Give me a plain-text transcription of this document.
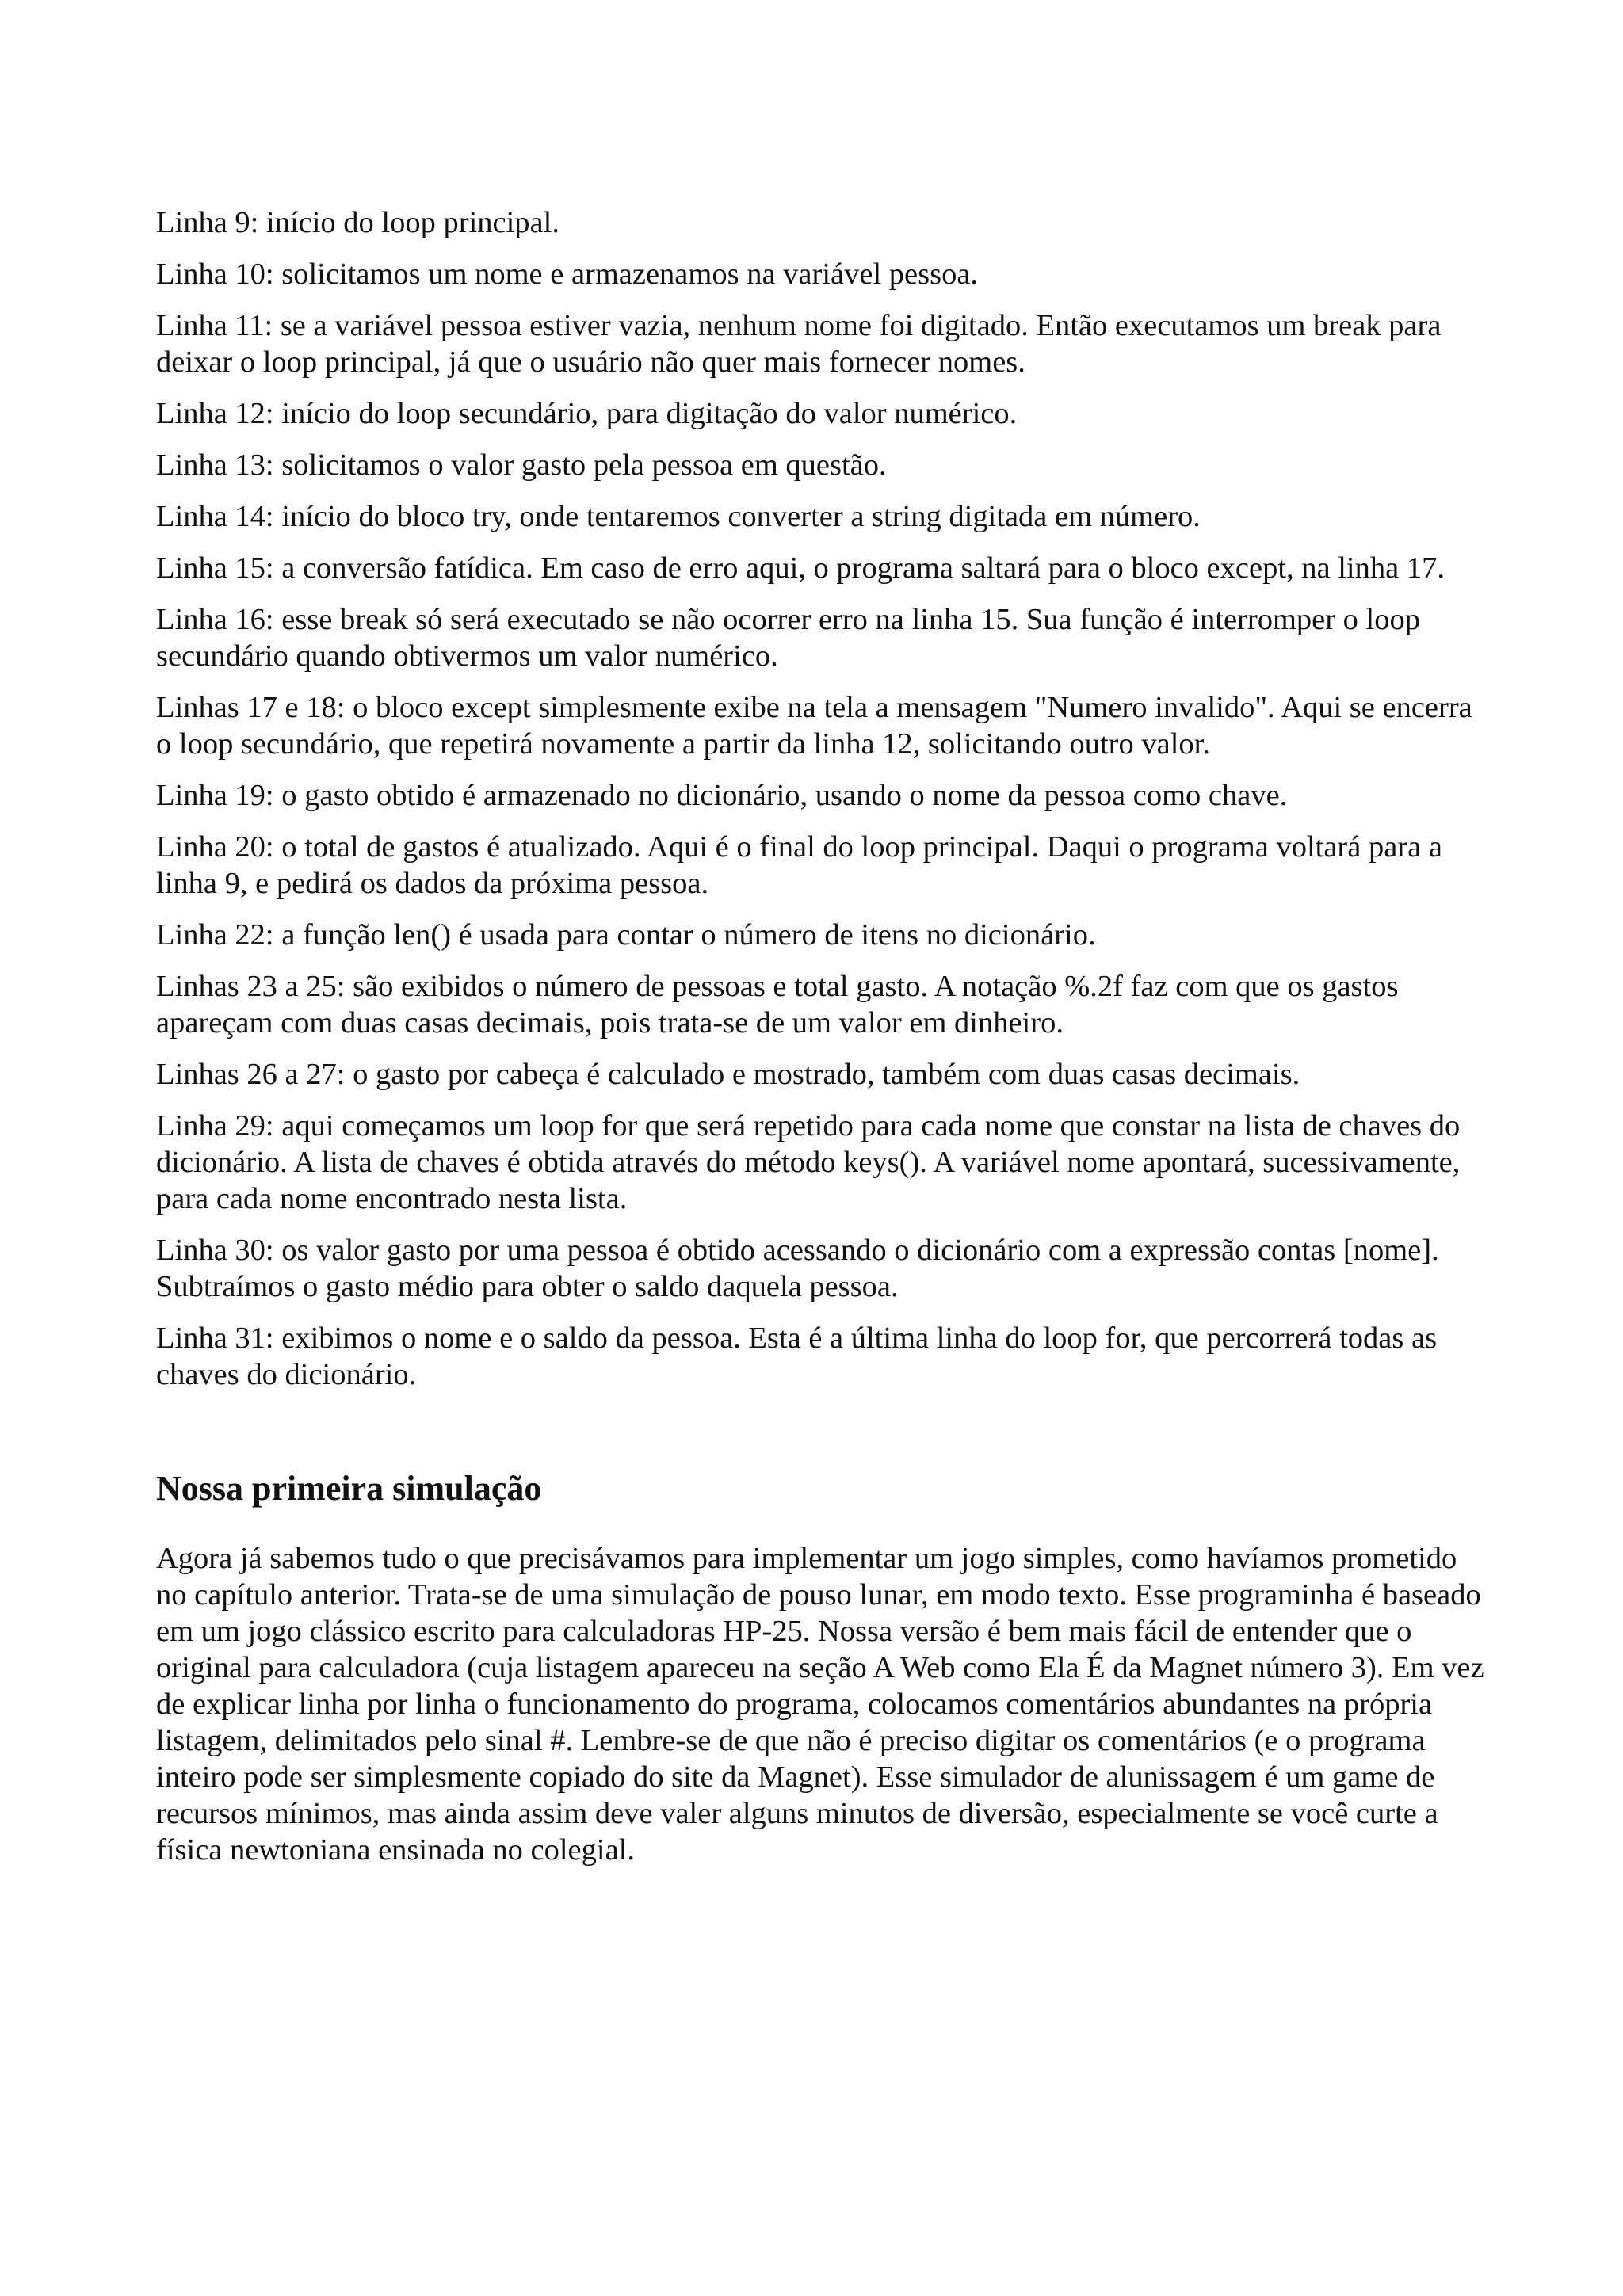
Linha 9: início do loop principal.

Linha 10: solicitamos um nome e armazenamos na variável pessoa.

Linha 11: se a variável pessoa estiver vazia, nenhum nome foi digitado. Então executamos um break para deixar o loop principal, já que o usuário não quer mais fornecer nomes.

Linha 12: início do loop secundário, para digitação do valor numérico.

Linha 13: solicitamos o valor gasto pela pessoa em questão.

Linha 14: início do bloco try, onde tentaremos converter a string digitada em número.

Linha 15: a conversão fatídica. Em caso de erro aqui, o programa saltará para o bloco except, na linha 17.

Linha 16: esse break só será executado se não ocorrer erro na linha 15. Sua função é interromper o loop secundário quando obtivermos um valor numérico.

Linhas 17 e 18: o bloco except simplesmente exibe na tela a mensagem "Numero invalido". Aqui se encerra o loop secundário, que repetirá novamente a partir da linha 12, solicitando outro valor.

Linha 19: o gasto obtido é armazenado no dicionário, usando o nome da pessoa como chave.

Linha 20: o total de gastos é atualizado. Aqui é o final do loop principal. Daqui o programa voltará para a linha 9, e pedirá os dados da próxima pessoa.

Linha 22: a função len() é usada para contar o número de itens no dicionário.

Linhas 23 a 25: são exibidos o número de pessoas e total gasto. A notação %.2f faz com que os gastos apareçam com duas casas decimais, pois trata-se de um valor em dinheiro.

Linhas 26 a 27: o gasto por cabeça é calculado e mostrado, também com duas casas decimais.

Linha 29: aqui começamos um loop for que será repetido para cada nome que constar na lista de chaves do dicionário. A lista de chaves é obtida através do método keys(). A variável nome apontará, sucessivamente, para cada nome encontrado nesta lista.

Linha 30: os valor gasto por uma pessoa é obtido acessando o dicionário com a expressão contas [nome]. Subtraímos o gasto médio para obter o saldo daquela pessoa.

Linha 31: exibimos o nome e o saldo da pessoa. Esta é a última linha do loop for, que percorrerá todas as chaves do dicionário.

Nossa primeira simulação

Agora já sabemos tudo o que precisávamos para implementar um jogo simples, como havíamos prometido no capítulo anterior. Trata-se de uma simulação de pouso lunar, em modo texto. Esse programinha é baseado em um jogo clássico escrito para calculadoras HP-25. Nossa versão é bem mais fácil de entender que o original para calculadora (cuja listagem apareceu na seção A Web como Ela É da Magnet número 3). Em vez de explicar linha por linha o funcionamento do programa, colocamos comentários abundantes na própria listagem, delimitados pelo sinal #. Lembre-se de que não é preciso digitar os comentários (e o programa inteiro pode ser simplesmente copiado do site da Magnet). Esse simulador de alunissagem é um game de recursos mínimos, mas ainda assim deve valer alguns minutos de diversão, especialmente se você curte a física newtoniana ensinada no colegial.
